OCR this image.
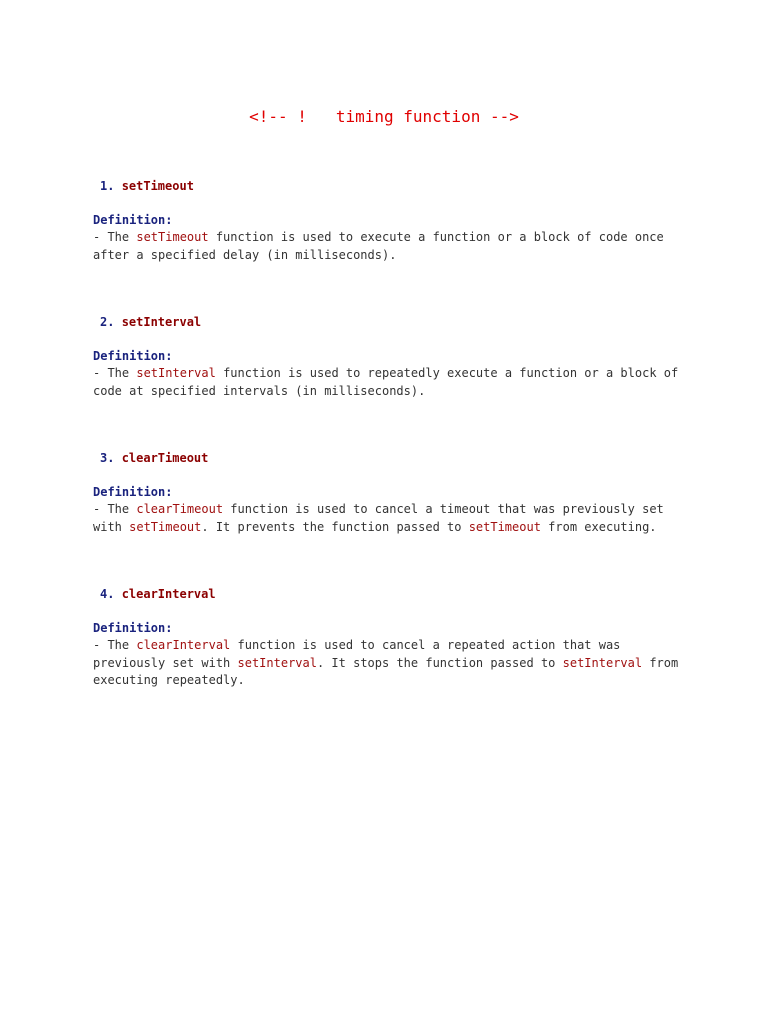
<!-- !   timing function -->
1. setTimeout
Definition:
- The setTimeout function is used to execute a function or a block of code once after a specified delay (in milliseconds).
2. setInterval
Definition:
- The setInterval function is used to repeatedly execute a function or a block of code at specified intervals (in milliseconds).
3. clearTimeout
Definition:
- The clearTimeout function is used to cancel a timeout that was previously set with setTimeout. It prevents the function passed to setTimeout from executing.
4. clearInterval
Definition:
- The clearInterval function is used to cancel a repeated action that was previously set with setInterval. It stops the function passed to setInterval from executing repeatedly.
